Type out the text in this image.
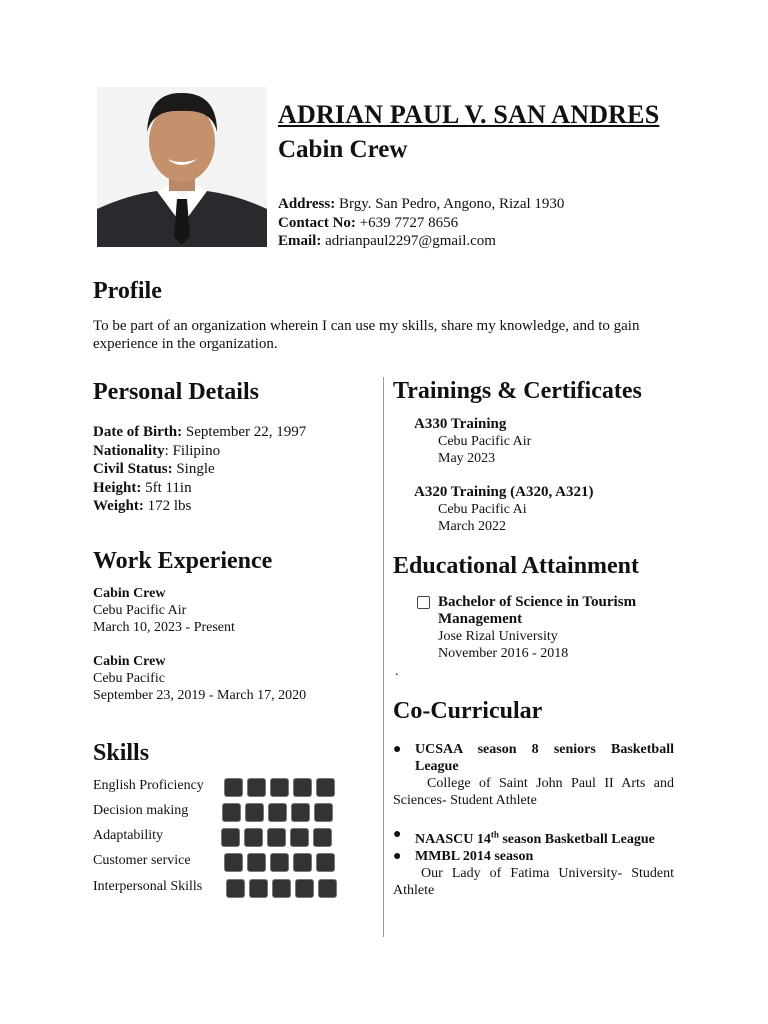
ADRIAN PAUL V. SAN ANDRES
Cabin Crew
Address: Brgy. San Pedro, Angono, Rizal 1930
Contact No: +639 7727 8656
Email: adrianpaul2297@gmail.com
Profile
To be part of an organization wherein I can use my skills, share my knowledge, and to gain experience in the organization.
Personal Details
Date of Birth: September 22, 1997
Nationality: Filipino
Civil Status: Single
Height: 5ft 11in
Weight: 172 lbs
Work Experience
Cabin Crew
Cebu Pacific Air
March 10, 2023 - Present
Cabin Crew
Cebu Pacific
September 23, 2019 - March 17, 2020
Skills
English Proficiency
Decision making
Adaptability
Customer service
Interpersonal Skills
Trainings & Certificates
A330 Training
Cebu Pacific Air
May 2023
A320 Training (A320, A321)
Cebu Pacific Ai
March 2022
Educational Attainment
Bachelor of Science in Tourism
Management
Jose Rizal University
November 2016 - 2018
.
Co-Curricular
● UCSAA season 8 seniors Basketball League
College of Saint John Paul II Arts and Sciences- Student Athlete
● NAASCU 14th season Basketball League
● MMBL 2014 season
Our Lady of Fatima University- Student Athlete
